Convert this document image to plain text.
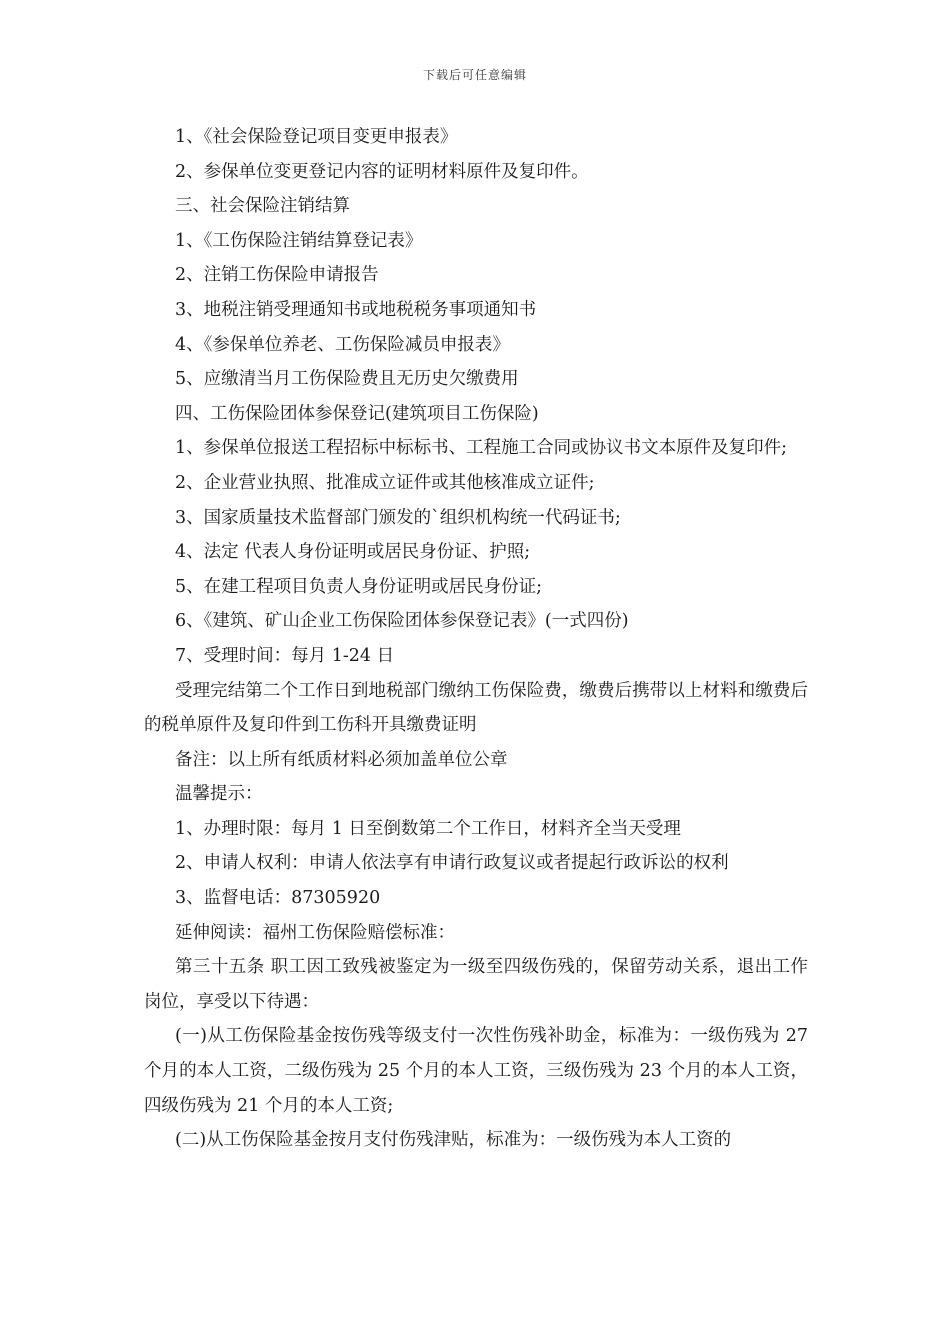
下载后可任意编辑

1、《社会保险登记项目变更申报表》

2、参保单位变更登记内容的证明材料原件及复印件。

三、社会保险注销结算

1、《工伤保险注销结算登记表》

2、注销工伤保险申请报告

3、地税注销受理通知书或地税税务事项通知书

4、《参保单位养老、工伤保险减员申报表》

5、应缴清当月工伤保险费且无历史欠缴费用

四、工伤保险团体参保登记(建筑项目工伤保险)

1、参保单位报送工程招标中标标书、工程施工合同或协议书文本原件及复印件;

2、企业营业执照、批准成立证件或其他核准成立证件;

3、国家质量技术监督部门颁发的`组织机构统一代码证书;

4、法定 代表人身份证明或居民身份证、护照;

5、在建工程项目负责人身份证明或居民身份证;

6、《建筑、矿山企业工伤保险团体参保登记表》(一式四份)

7、受理时间：每月 1-24 日

受理完结第二个工作日到地税部门缴纳工伤保险费，缴费后携带以上材料和缴费后的税单原件及复印件到工伤科开具缴费证明

备注：以上所有纸质材料必须加盖单位公章

温馨提示：

1、办理时限：每月 1 日至倒数第二个工作日，材料齐全当天受理

2、申请人权利：申请人依法享有申请行政复议或者提起行政诉讼的权利

3、监督电话：87305920

延伸阅读：福州工伤保险赔偿标准：

第三十五条 职工因工致残被鉴定为一级至四级伤残的，保留劳动关系，退出工作岗位，享受以下待遇：

(一)从工伤保险基金按伤残等级支付一次性伤残补助金，标准为：一级伤残为 27 个月的本人工资，二级伤残为 25 个月的本人工资，三级伤残为 23 个月的本人工资，四级伤残为 21 个月的本人工资;

(二)从工伤保险基金按月支付伤残津贴，标准为：一级伤残为本人工资的
